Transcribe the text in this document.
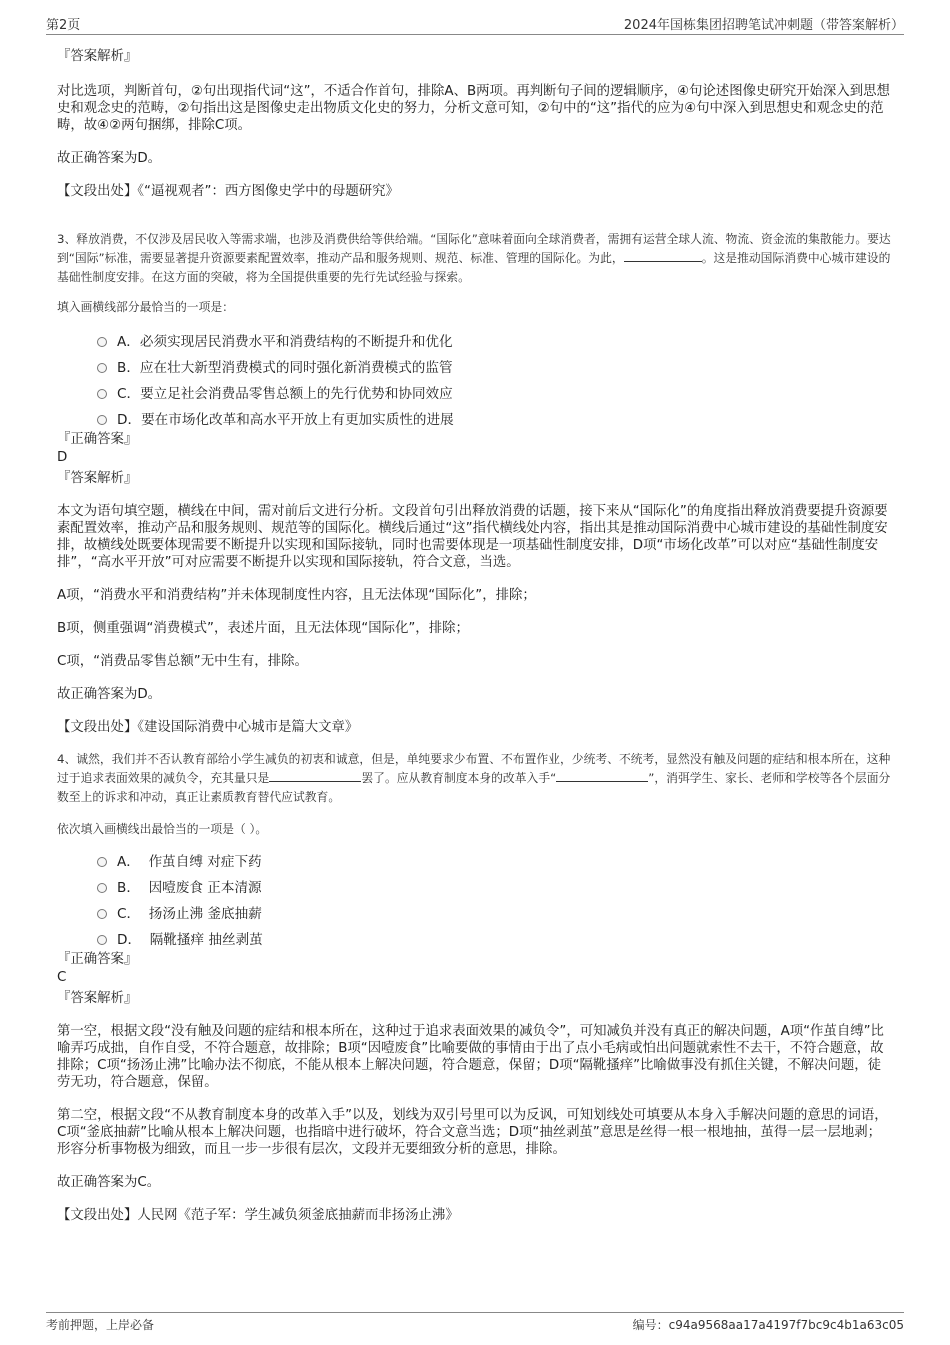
第2页	2024年国栋集团招聘笔试冲刺题（带答案解析）

『答案解析』

对比选项，判断首句，②句出现指代词“这”，不适合作首句，排除A、B两项。再判断句子间的逻辑顺序，④句论述图像史研究开始深入到思想史和观念史的范畴，②句指出这是图像史走出物质文化史的努力，分析文意可知，②句中的“这”指代的应为④句中深入到思想史和观念史的范畴，故④②两句捆绑，排除C项。

故正确答案为D。

【文段出处】《“逼视观者”：西方图像史学中的母题研究》

3、释放消费，不仅涉及居民收入等需求端，也涉及消费供给等供给端。“国际化”意味着面向全球消费者，需拥有运营全球人流、物流、资金流的集散能力。要达到“国际”标准，需要显著提升资源要素配置效率，推动产品和服务规则、规范、标准、管理的国际化。为此，	。这是推动国际消费中心城市建设的基础性制度安排。在这方面的突破，将为全国提供重要的先行先试经验与探索。

填入画横线部分最恰当的一项是：

A．必须实现居民消费水平和消费结构的不断提升和优化
B．应在壮大新型消费模式的同时强化新消费模式的监管
C．要立足社会消费品零售总额上的先行优势和协同效应
D．要在市场化改革和高水平开放上有更加实质性的进展

『正确答案』

D

『答案解析』

本文为语句填空题，横线在中间，需对前后文进行分析。文段首句引出释放消费的话题，接下来从“国际化”的角度指出释放消费要提升资源要素配置效率，推动产品和服务规则、规范等的国际化。横线后通过“这”指代横线处内容，指出其是推动国际消费中心城市建设的基础性制度安排，故横线处既要体现需要不断提升以实现和国际接轨，同时也需要体现是一项基础性制度安排，D项“市场化改革”可以对应“基础性制度安排”，“高水平开放”可对应需要不断提升以实现和国际接轨，符合文意，当选。

A项，“消费水平和消费结构”并未体现制度性内容，且无法体现“国际化”，排除；

B项，侧重强调“消费模式”，表述片面，且无法体现“国际化”，排除；

C项，“消费品零售总额”无中生有，排除。

故正确答案为D。

【文段出处】《建设国际消费中心城市是篇大文章》

4、诚然，我们并不否认教育部给小学生减负的初衷和诚意，但是，单纯要求少布置、不布置作业，少统考、不统考，显然没有触及问题的症结和根本所在，这种过于追求表面效果的减负令，充其量只是	罢了。应从教育制度本身的改革入手“	”，消弭学生、家长、老师和学校等各个层面分数至上的诉求和冲动，真正让素质教育替代应试教育。

依次填入画横线出最恰当的一项是（ ）。

A． 作茧自缚 对症下药
B． 因噎废食 正本清源
C． 扬汤止沸 釜底抽薪
D． 隔靴搔痒 抽丝剥茧

『正确答案』

C

『答案解析』

第一空，根据文段“没有触及问题的症结和根本所在，这种过于追求表面效果的减负令”，可知减负并没有真正的解决问题，A项“作茧自缚”比喻弄巧成拙，自作自受，不符合题意，故排除；B项“因噎废食”比喻要做的事情由于出了点小毛病或怕出问题就索性不去干，不符合题意，故排除；C项“扬汤止沸”比喻办法不彻底，不能从根本上解决问题，符合题意，保留；D项“隔靴搔痒”比喻做事没有抓住关键，不解决问题，徒劳无功，符合题意，保留。

第二空，根据文段“不从教育制度本身的改革入手”以及，划线为双引号里可以为反讽，可知划线处可填要从本身入手解决问题的意思的词语，C项“釜底抽薪”比喻从根本上解决问题，也指暗中进行破坏，符合文意当选；D项“抽丝剥茧”意思是丝得一根一根地抽，茧得一层一层地剥；形容分析事物极为细致，而且一步一步很有层次，文段并无要细致分析的意思，排除。

故正确答案为C。

【文段出处】人民网《范子军：学生减负须釜底抽薪而非扬汤止沸》

考前押题，上岸必备	编号：c94a9568aa17a4197f7bc9c4b1a63c05
